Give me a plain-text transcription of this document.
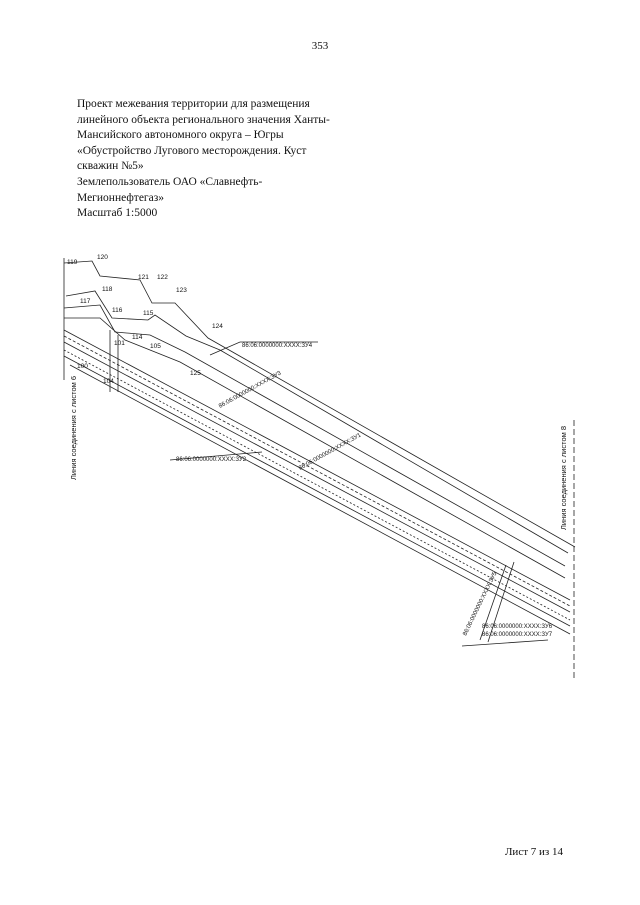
353
Проект межевания территории для размещения
линейного объекта регионального значения Ханты-
Мансийского автономного округа – Югры
«Обустройство Лугового месторождения. Куст
скважин №5»
Землепользователь ОАО «Славнефть-
Мегионнефтегаз»
Масштаб 1:5000
119
120
121 122
123
124
118
117
116	115
114
101	105
125
100
104
86:06:0000000:XXXX:ЗУ4
86:06:0000000:XXXX:ЗУ3
86:06:0000000:XXXX:ЗУ2	86:06:0000000:XXXX:ЗУ1
86:06:0000000:XXXX:ЗУ5
86:06:0000000:XXXX:ЗУ6
86:06:0000000:XXXX:ЗУ7
Линия соединения с листом 6	Линия соединения с листом 8
Лист 7 из 14
